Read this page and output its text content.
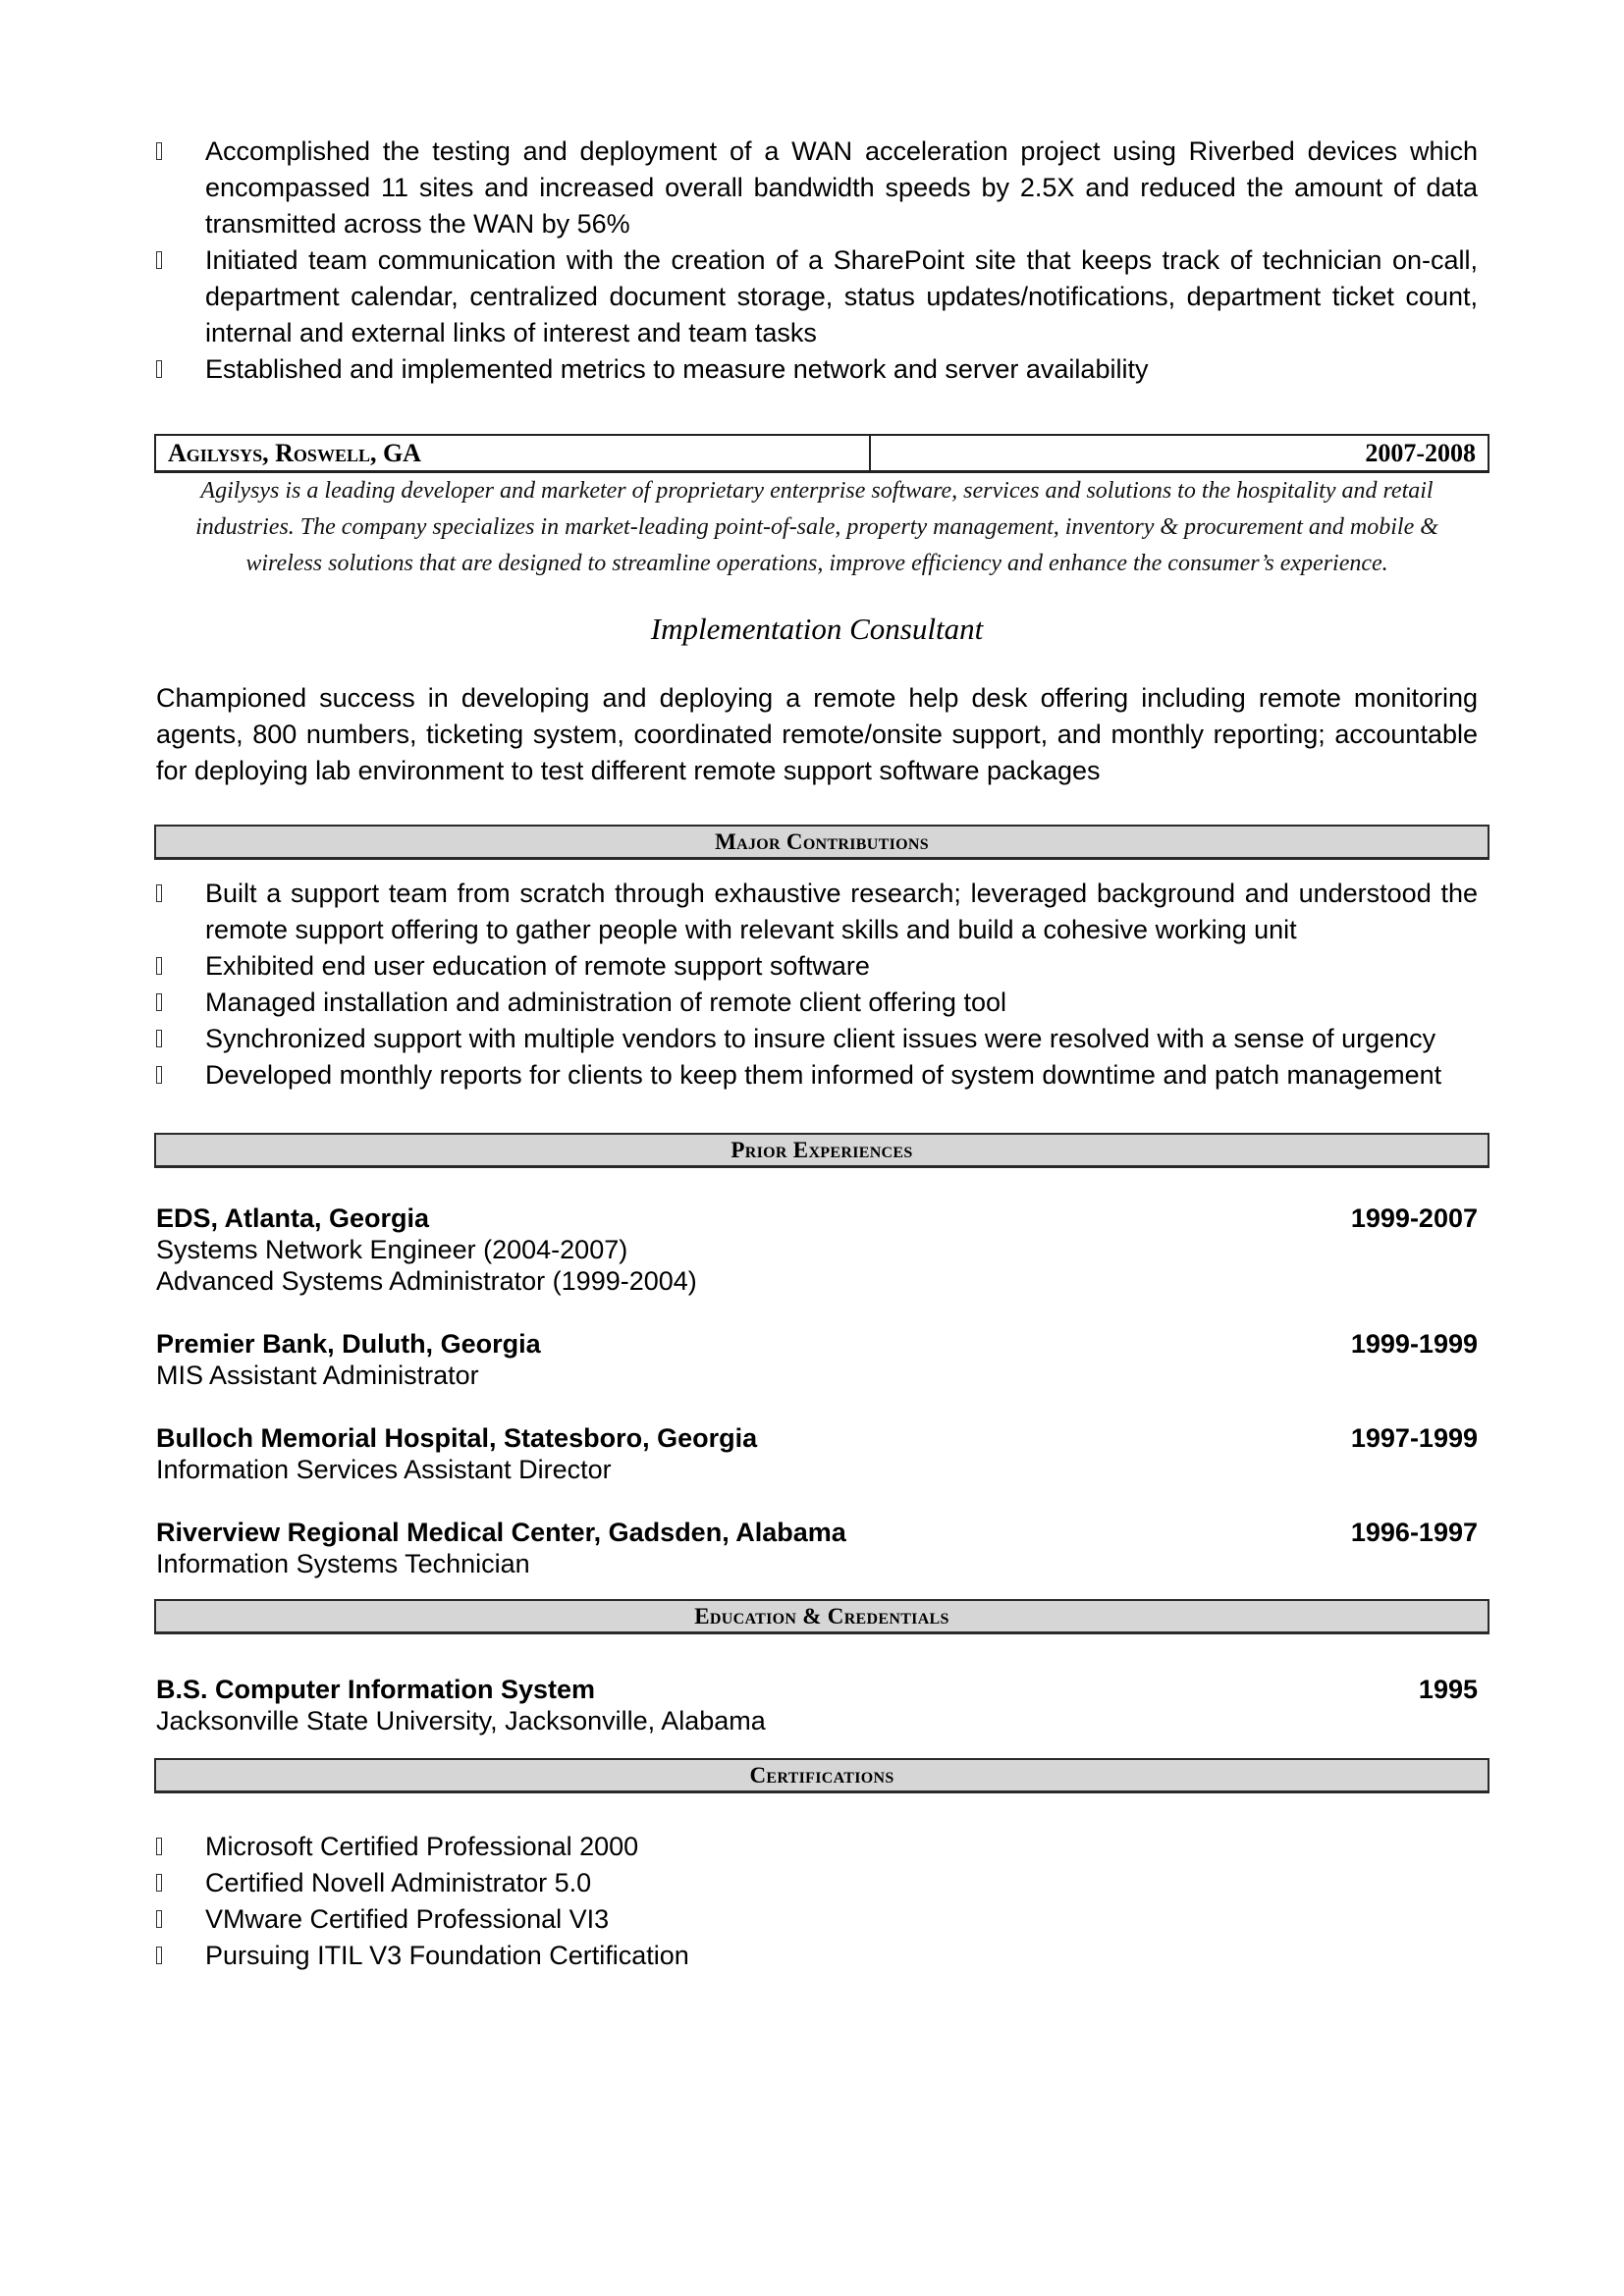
Accomplished the testing and deployment of a WAN acceleration project using Riverbed devices which encompassed 11 sites and increased overall bandwidth speeds by 2.5X and reduced the amount of data transmitted across the WAN by 56%
Initiated team communication with the creation of a SharePoint site that keeps track of technician on-call, department calendar, centralized document storage, status updates/notifications, department ticket count, internal and external links of interest and team tasks
Established and implemented metrics to measure network and server availability
Agilysys, Roswell, GA	2007-2008
Agilysys is a leading developer and marketer of proprietary enterprise software, services and solutions to the hospitality and retail industries. The company specializes in market-leading point-of-sale, property management, inventory & procurement and mobile & wireless solutions that are designed to streamline operations, improve efficiency and enhance the consumer’s experience.
Implementation Consultant
Championed success in developing and deploying a remote help desk offering including remote monitoring agents, 800 numbers, ticketing system, coordinated remote/onsite support, and monthly reporting; accountable for deploying lab environment to test different remote support software packages
Major Contributions
Built a support team from scratch through exhaustive research; leveraged background and understood the remote support offering to gather people with relevant skills and build a cohesive working unit
Exhibited end user education of remote support software
Managed installation and administration of remote client offering tool
Synchronized support with multiple vendors to insure client issues were resolved with a sense of urgency
Developed monthly reports for clients to keep them informed of system downtime and patch management
Prior Experiences
EDS, Atlanta, Georgia	1999-2007
Systems Network Engineer (2004-2007)
Advanced Systems Administrator (1999-2004)
Premier Bank, Duluth, Georgia	1999-1999
MIS Assistant Administrator
Bulloch Memorial Hospital, Statesboro, Georgia	1997-1999
Information Services Assistant Director
Riverview Regional Medical Center, Gadsden, Alabama	1996-1997
Information Systems Technician
Education & Credentials
B.S. Computer Information System	1995
Jacksonville State University, Jacksonville, Alabama
Certifications
Microsoft Certified Professional 2000
Certified Novell Administrator 5.0
VMware Certified Professional VI3
Pursuing ITIL V3 Foundation Certification
